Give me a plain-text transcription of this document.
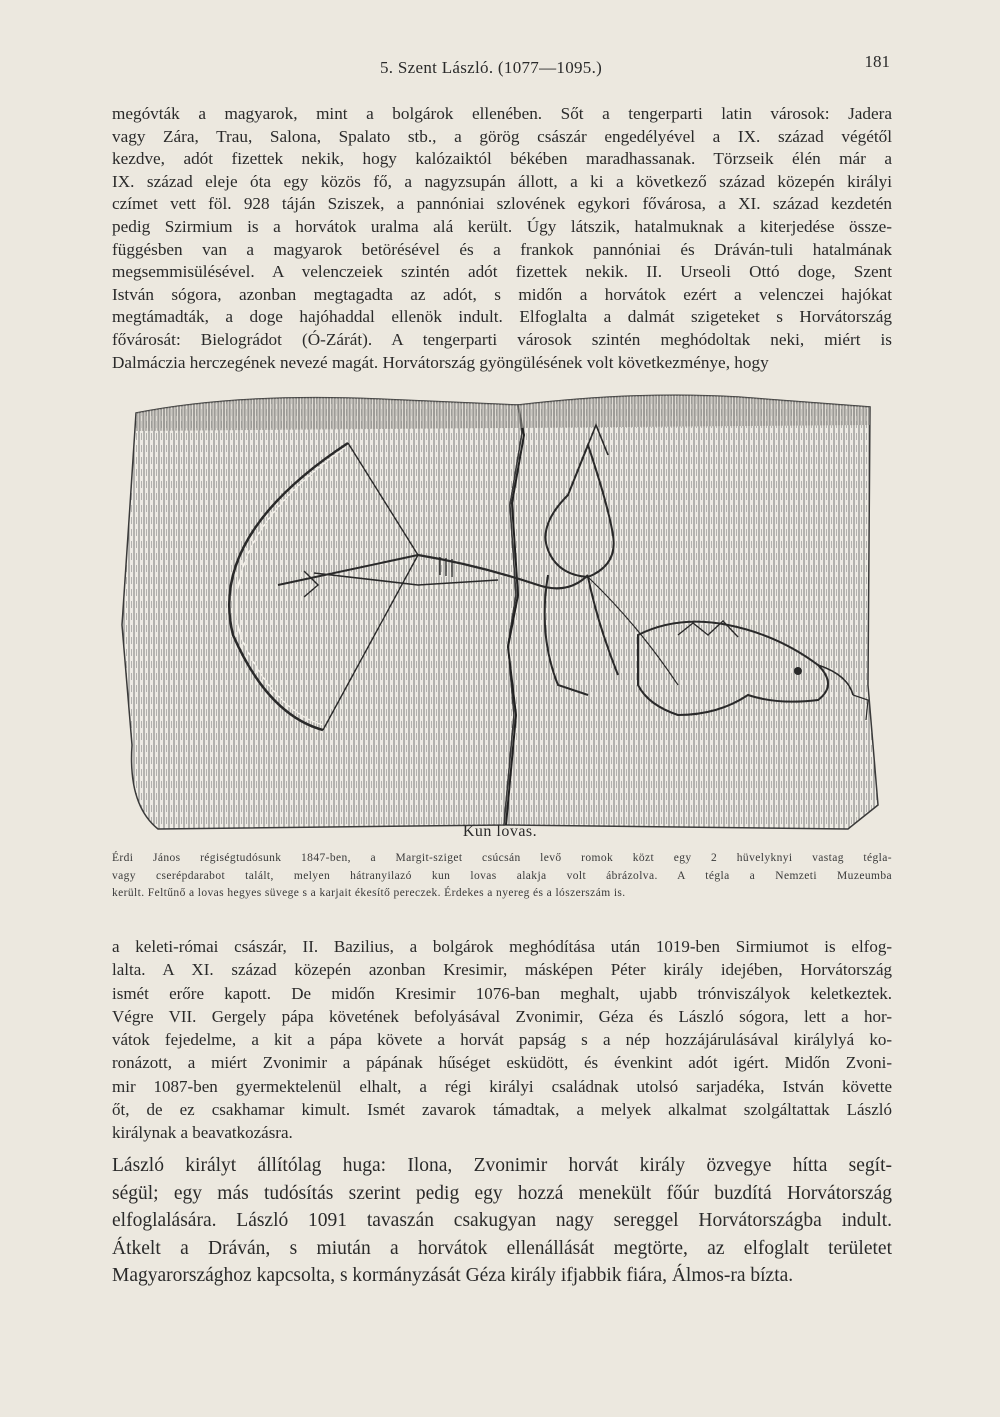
5. Szent László. (1077—1095.)	181
megóvták a magyarok, mint a bolgárok ellenében. Sőt a tengerparti latin városok: Jadera
vagy Zára, Trau, Salona, Spalato stb., a görög császár engedélyével a IX. század végétől
kezdve, adót fizettek nekik, hogy kalózaiktól békében maradhassanak. Törzseik élén már a
IX. század eleje óta egy közös fő, a nagyzsupán állott, a ki a következő század közepén királyi
czímet vett föl. 928 táján Sziszek, a pannóniai szlovének egykori fővárosa, a XI. század kezdetén
pedig Szirmium is a horvátok uralma alá került. Úgy látszik, hatalmuknak a kiterjedése össze-
függésben van a magyarok betörésével és a frankok pannóniai és Dráván-tuli hatalmának
megsemmisülésével. A velenczeiek szintén adót fizettek nekik. II. Urseoli Ottó doge, Szent
István sógora, azonban megtagadta az adót, s midőn a horvátok ezért a velenczei hajókat
megtámadták, a doge hajóhaddal ellenök indult. Elfoglalta a dalmát szigeteket s Horvátország
fővárosát: Bielográdot (Ó-Zárát). A tengerparti városok szintén meghódoltak neki, miért is
Dalmáczia herczegének nevezé magát. Horvátország gyöngülésének volt következménye, hogy
Kun lovas.
Érdi János régiségtudósunk 1847-ben, a Margit-sziget csúcsán levő romok közt egy 2 hüvelyknyi vastag tégla-
vagy cserépdarabot talált, melyen hátranyilazó kun lovas alakja volt ábrázolva. A tégla a Nemzeti Muzeumba
került. Feltűnő a lovas hegyes süvege s a karjait ékesítő pereczek. Érdekes a nyereg és a lószerszám is.
a keleti-római császár, II. Bazilius, a bolgárok meghódítása után 1019-ben Sirmiumot is elfog-
lalta. A XI. század közepén azonban Kresimir, másképen Péter király idejében, Horvátország
ismét erőre kapott. De midőn Kresimir 1076-ban meghalt, ujabb trónviszályok keletkeztek.
Végre VII. Gergely pápa követének befolyásával Zvonimir, Géza és László sógora, lett a hor-
vátok fejedelme, a kit a pápa követe a horvát papság s a nép hozzájárulásával királylyá ko-
ronázott, a miért Zvonimir a pápának hűséget esküdött, és évenkint adót igért. Midőn Zvoni-
mir 1087-ben gyermektelenül elhalt, a régi királyi családnak utolsó sarjadéka, István követte
őt, de ez csakhamar kimult. Ismét zavarok támadtak, a melyek alkalmat szolgáltattak László
királynak a beavatkozásra.
László királyt állítólag huga: Ilona, Zvonimir horvát király özvegye hítta segít-
ségül; egy más tudósítás szerint pedig egy hozzá menekült főúr buzdítá Horvátország
elfoglalására. László 1091 tavaszán csakugyan nagy sereggel Horvátországba indult.
Átkelt a Dráván, s miután a horvátok ellenállását megtörte, az elfoglalt területet
Magyarországhoz kapcsolta, s kormányzását Géza király ifjabbik fiára, Álmos-ra bízta.
